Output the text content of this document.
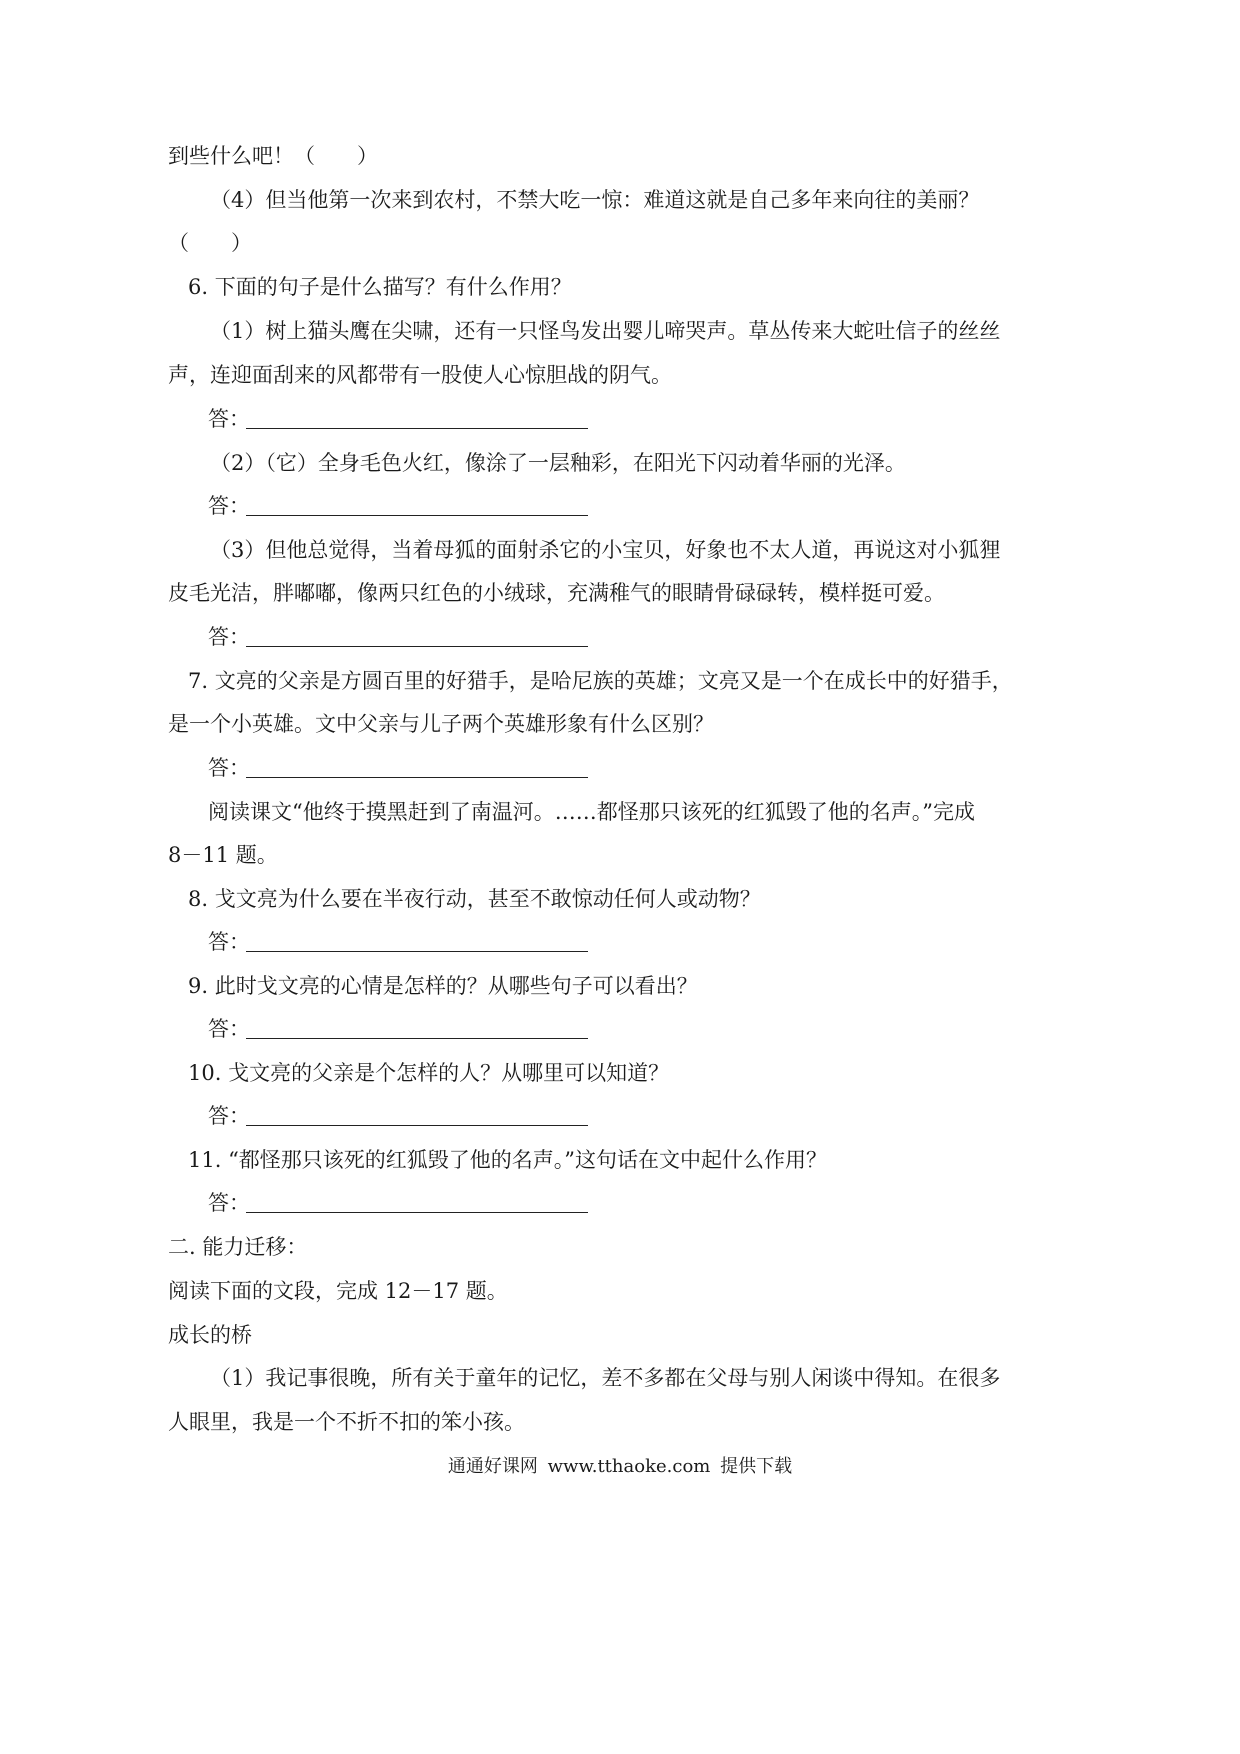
到些什么吧！（　　）
（4）但当他第一次来到农村，不禁大吃一惊：难道这就是自己多年来向往的美丽？
（　　）
6. 下面的句子是什么描写？有什么作用？
（1）树上猫头鹰在尖啸，还有一只怪鸟发出婴儿啼哭声。草丛传来大蛇吐信子的丝丝
声，连迎面刮来的风都带有一股使人心惊胆战的阴气。
答：
（2）（它）全身毛色火红，像涂了一层釉彩，在阳光下闪动着华丽的光泽。
答：
（3）但他总觉得，当着母狐的面射杀它的小宝贝，好象也不太人道，再说这对小狐狸
皮毛光洁，胖嘟嘟，像两只红色的小绒球，充满稚气的眼睛骨碌碌转，模样挺可爱。
答：
7. 文亮的父亲是方圆百里的好猎手，是哈尼族的英雄；文亮又是一个在成长中的好猎手，
是一个小英雄。文中父亲与儿子两个英雄形象有什么区别？
答：
阅读课文“他终于摸黑赶到了南温河。……都怪那只该死的红狐毁了他的名声。”完成
8－11 题。
8. 戈文亮为什么要在半夜行动，甚至不敢惊动任何人或动物？
答：
9. 此时戈文亮的心情是怎样的？从哪些句子可以看出？
答：
10. 戈文亮的父亲是个怎样的人？从哪里可以知道？
答：
11. “都怪那只该死的红狐毁了他的名声。”这句话在文中起什么作用？
答：
二. 能力迁移：
阅读下面的文段，完成 12－17 题。
成长的桥
（1）我记事很晚，所有关于童年的记忆，差不多都在父母与别人闲谈中得知。在很多
人眼里，我是一个不折不扣的笨小孩。
通通好课网 www.tthaoke.com 提供下载
